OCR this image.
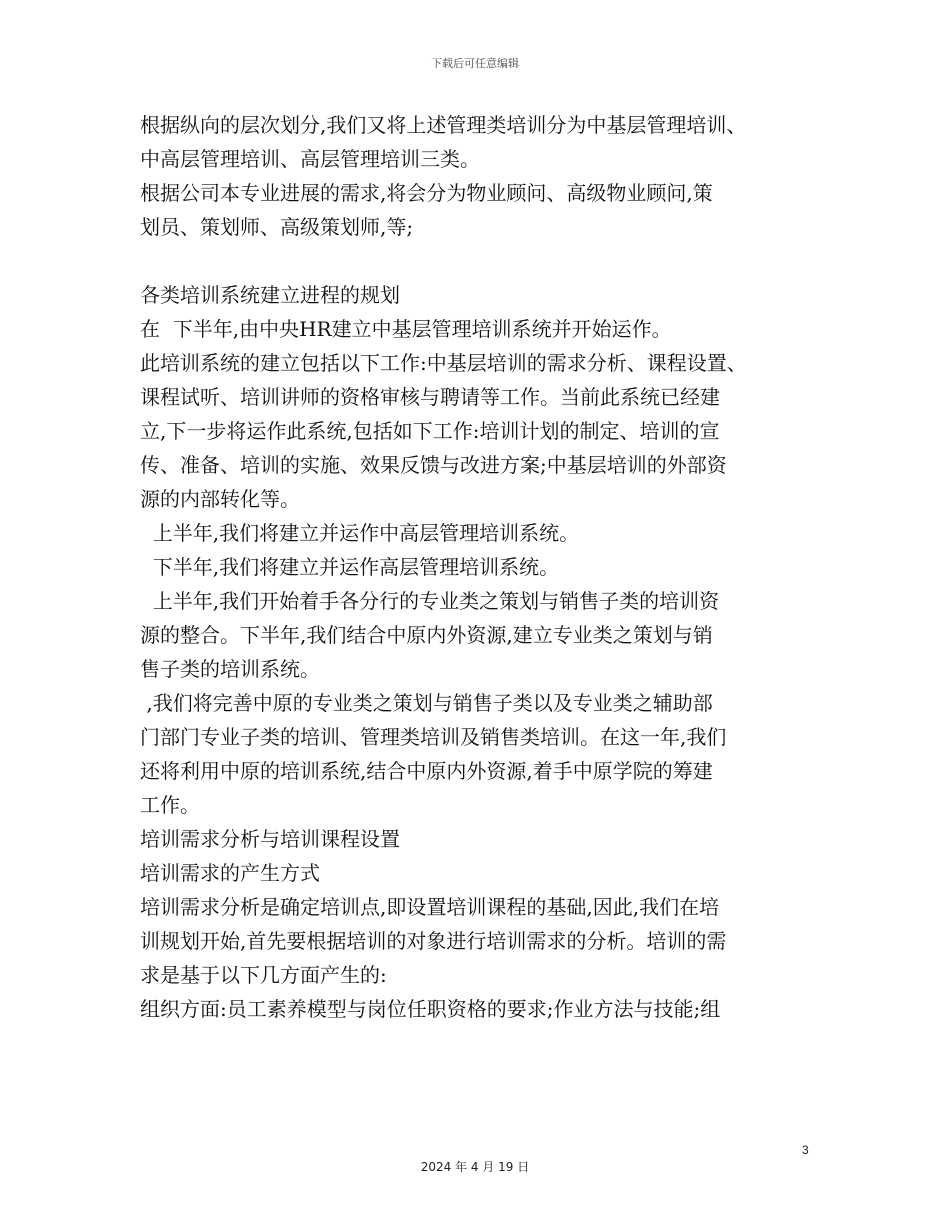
下载后可任意编辑
根据纵向的层次划分,我们又将上述管理类培训分为中基层管理培训、
中高层管理培训、高层管理培训三类。
根据公司本专业进展的需求,将会分为物业顾问、高级物业顾问,策
划员、策划师、高级策划师,等;
各类培训系统建立进程的规划
在  下半年,由中央HR建立中基层管理培训系统并开始运作。
此培训系统的建立包括以下工作:中基层培训的需求分析、课程设置、
课程试听、培训讲师的资格审核与聘请等工作。当前此系统已经建
立,下一步将运作此系统,包括如下工作:培训计划的制定、培训的宣
传、准备、培训的实施、效果反馈与改进方案;中基层培训的外部资
源的内部转化等。
上半年,我们将建立并运作中高层管理培训系统。
下半年,我们将建立并运作高层管理培训系统。
上半年,我们开始着手各分行的专业类之策划与销售子类的培训资
源的整合。下半年,我们结合中原内外资源,建立专业类之策划与销
售子类的培训系统。
,我们将完善中原的专业类之策划与销售子类以及专业类之辅助部
门部门专业子类的培训、管理类培训及销售类培训。在这一年,我们
还将利用中原的培训系统,结合中原内外资源,着手中原学院的筹建
工作。
培训需求分析与培训课程设置
培训需求的产生方式
培训需求分析是确定培训点,即设置培训课程的基础,因此,我们在培
训规划开始,首先要根据培训的对象进行培训需求的分析。培训的需
求是基于以下几方面产生的:
组织方面:员工素养模型与岗位任职资格的要求;作业方法与技能;组
3
2024 年 4 月 19 日
